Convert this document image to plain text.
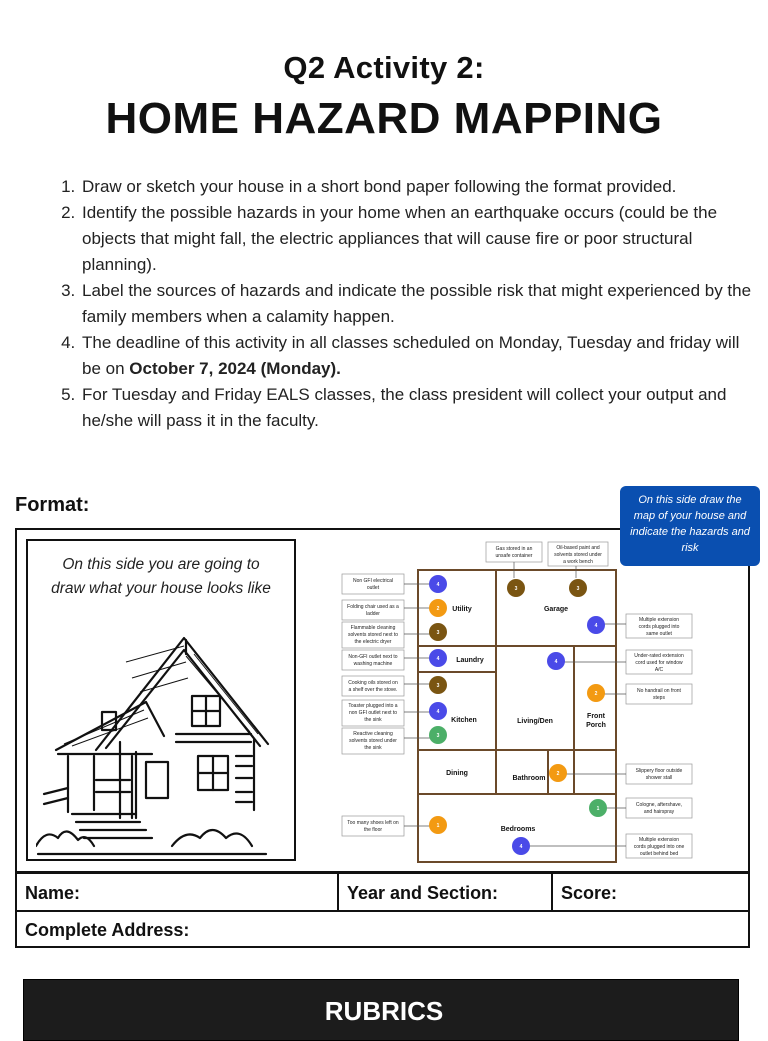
Q2 Activity 2:
HOME HAZARD MAPPING
1. Draw or sketch your house in a short bond paper following the format provided.
2. Identify the possible hazards in your home when an earthquake occurs (could be the objects that might fall, the electric appliances that will cause fire or poor structural planning).
3. Label the sources of hazards and indicate the possible risk that might experienced by the family members when a calamity happen.
4. The deadline of this activity in all classes scheduled on Monday, Tuesday and friday will be on October 7, 2024 (Monday).
5. For Tuesday and Friday EALS classes, the class president will collect your output and he/she will pass it in the faculty.
Format:	On this side draw the map of your house and indicate the hazards and risk
On this side you are going to draw what your house looks like
Utility	Garage
Laundry
Kitchen	Living/Den
Front
Porch
Dining
Bathroom
Bedrooms
Non GFI electrical
outlet
Folding chair used as a
ladder
Flammable cleaning
solvents stored next to
the electric dryer
Non-GFI outlet next to
washing machine
Cooking oils stored on
a shelf over the stove.
Toaster plugged into a
non GFI outlet next to
the sink
Reactive cleaning
solvents stored under
the sink
Too many shoes left on
the floor
Gas stored in an
unsafe container
Oil-based paint and
solvents stored under
a work bench
Multiple extension
cords plugged into
same outlet
Under-rated extension
cord used for window
A/C
No handrail on front
steps
Slippery floor outside
shower stall
Cologne, aftershave,
and hairspray
Multiple extension
cords plugged into one
outlet behind bed
4
2
3
4
3
4
3
1
3	3
4
4
2
2
1
4
Name:	Year and Section:	Score:
Complete Address:
RUBRICS
